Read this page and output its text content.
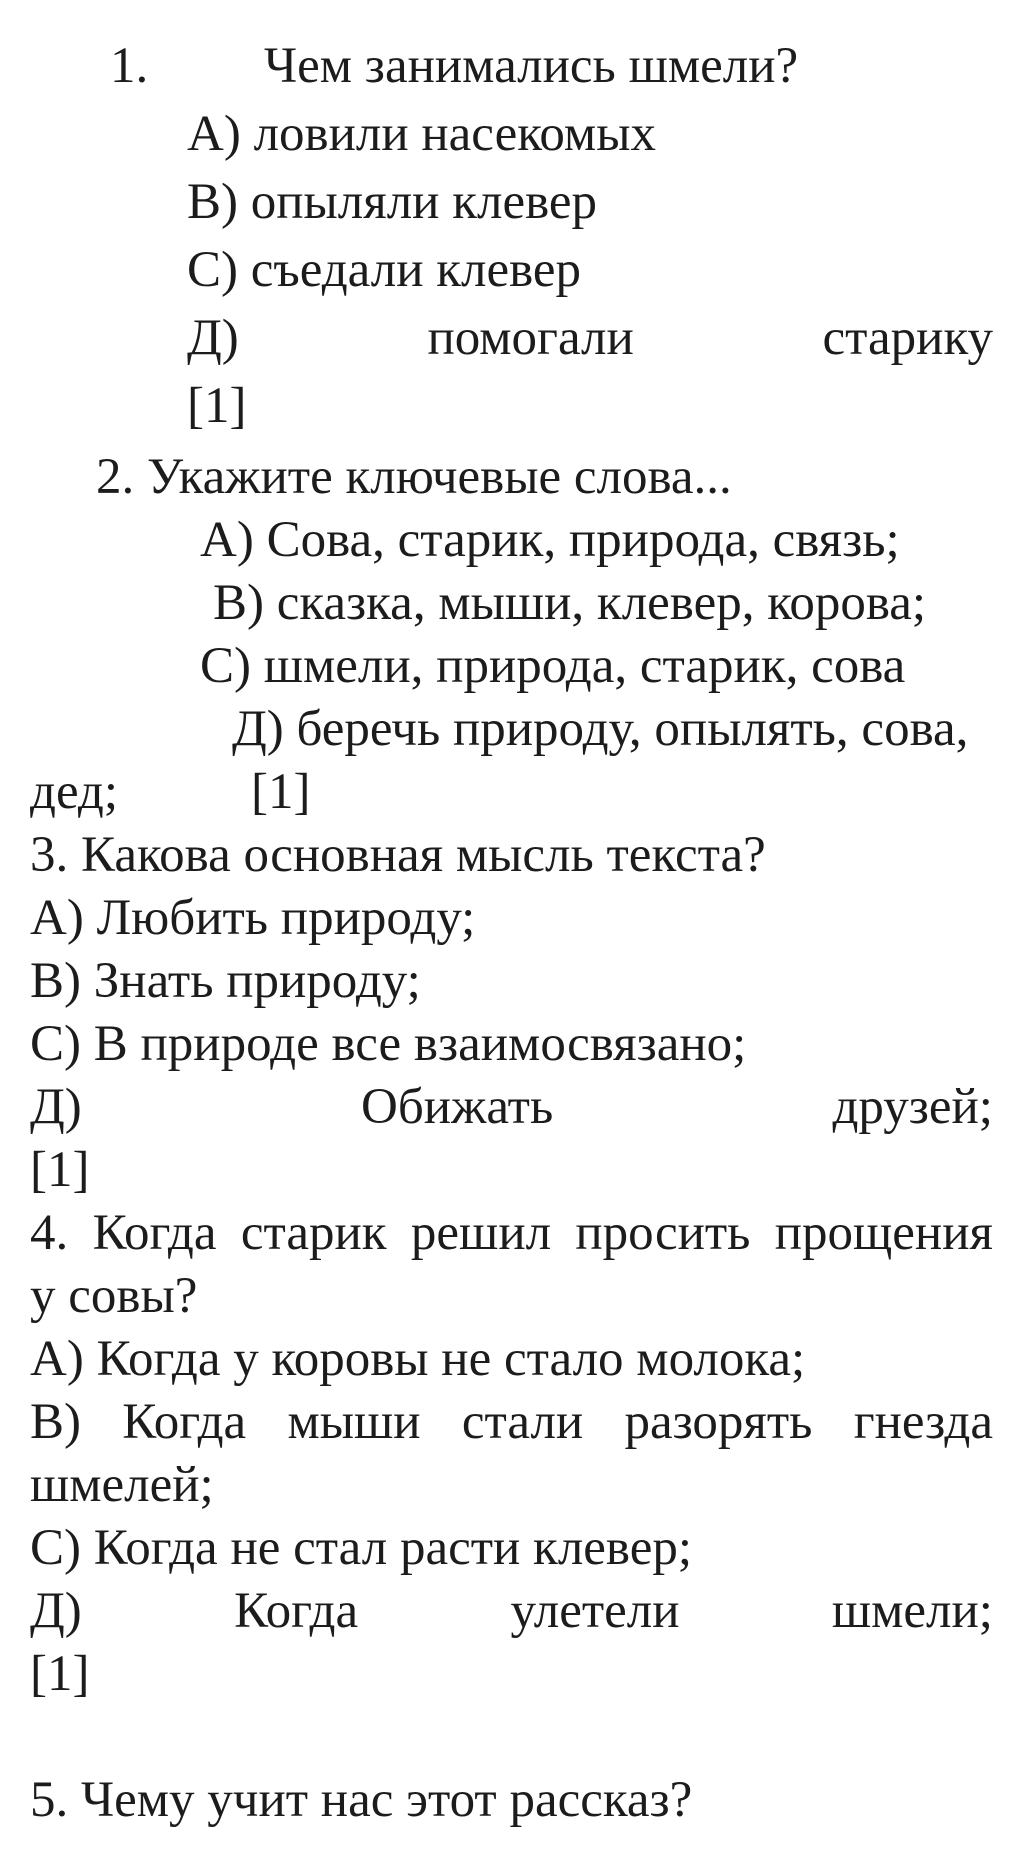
1. Чем занимались шмели?
A) ловили насекомых
B) опыляли клевер
C) съедали клевер
Д)	помогали	старику
[1]
2. Укажите ключевые слова...
A) Сова, старик, природа, связь;
B) сказка, мыши, клевер, корова;
С) шмели, природа, старик, сова
Д) беречь природу, опылять, сова,
дед;	[1]
3. Какова основная мысль текста?
A) Любить природу;
B) Знать природу;
C) В природе все взаимосвязано;
Д)	Обижать	друзей;
[1]
4. Когда старик решил просить прощения
у совы?
A) Когда у коровы не стало молока;
B) Когда мыши стали разорять гнезда
шмелей;
C) Когда не стал расти клевер;
Д)	Когда	улетели	шмели;
[1]
5. Чему учит нас этот рассказ?
